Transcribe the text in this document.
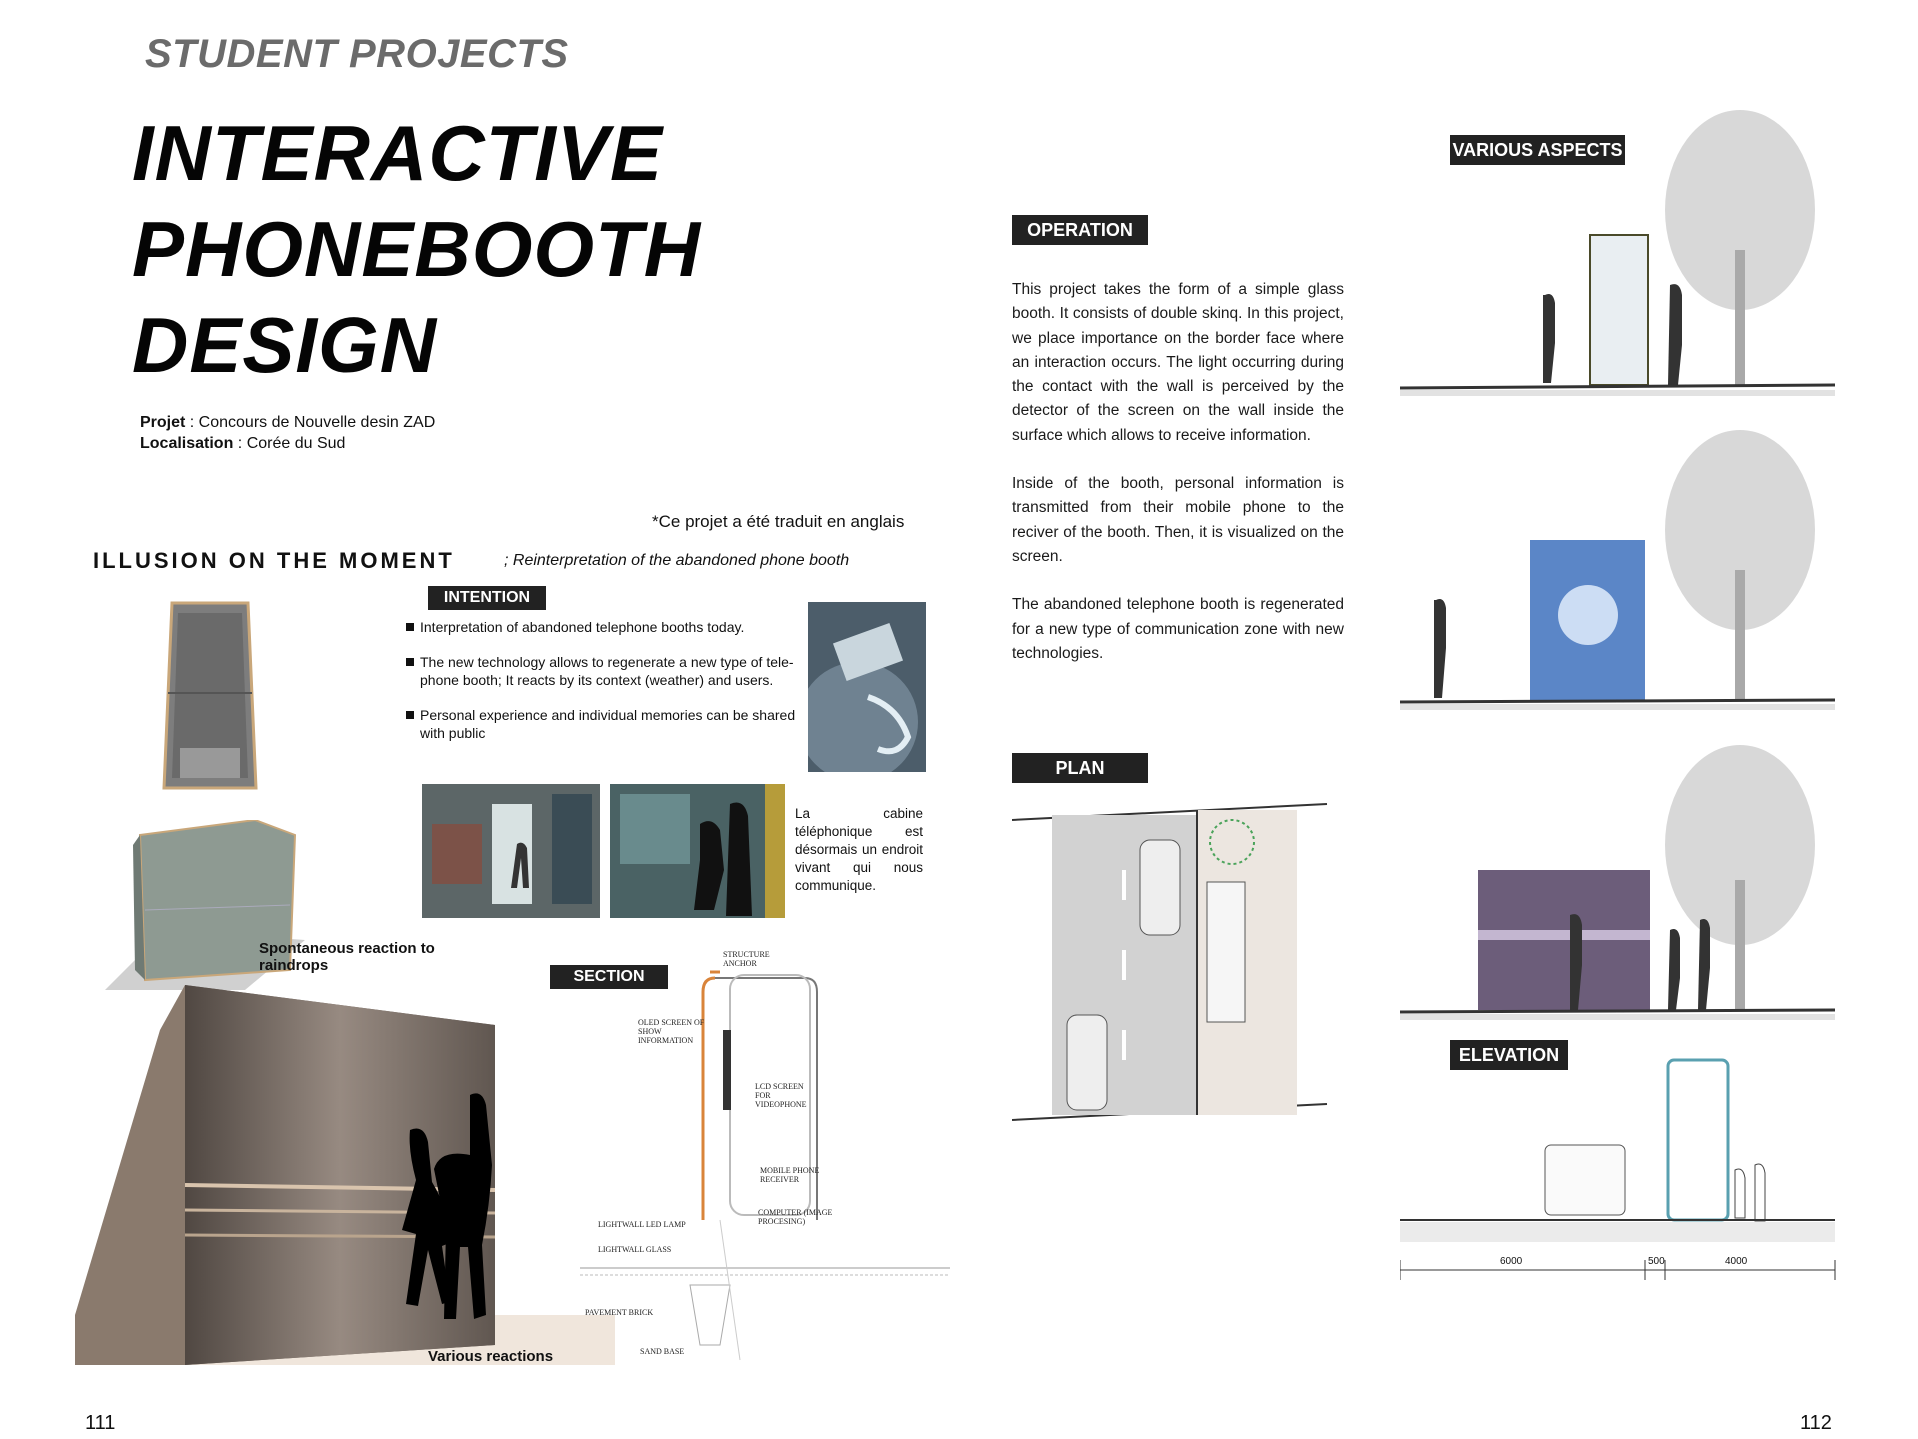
STUDENT PROJECTS
INTERACTIVE
PHONEBOOTH
DESIGN
Projet : Concours de Nouvelle desin ZAD
Localisation : Corée du Sud
*Ce projet a été traduit en anglais
ILLUSION ON THE MOMENT	; Reinterpretation of the abandoned phone booth
Spontaneous reaction to raindrops
Various reactions
INTENTION
Interpretation of abandoned telephone booths today.
The new technology allows to regenerate a new type of tele-phone booth; It reacts by its context (weather) and users.
Personal experience and individual memories can be shared with public
La cabine téléphonique est désormais un endroit vivant qui nous communique.
SECTION
STRUCTURE ANCHOR
OLED SCREEN OF SHOW INFORMATION
LCD SCREEN FOR VIDEOPHONE
MOBILE PHONE RECEIVER
COMPUTER (IMAGE PROCESING)
LIGHTWALL LED LAMP
LIGHTWALL GLASS
PAVEMENT BRICK
SAND BASE
111
OPERATION

This project takes the form of a simple glass booth. It consists of double skinq. In this project, we place importance on the border face where an interaction occurs. The light occurring during the contact with the wall is perceived by the detector of the screen on the wall inside the surface which allows to receive information.

Inside of the booth, personal information is transmitted from their mobile phone to the reciver of the booth. Then, it is visualized on the screen.

The abandoned telephone booth is regenerated for a new type of communication zone with new technologies.

PLAN
VARIOUS ASPECTS
ELEVATION
6000	500	4000
112
